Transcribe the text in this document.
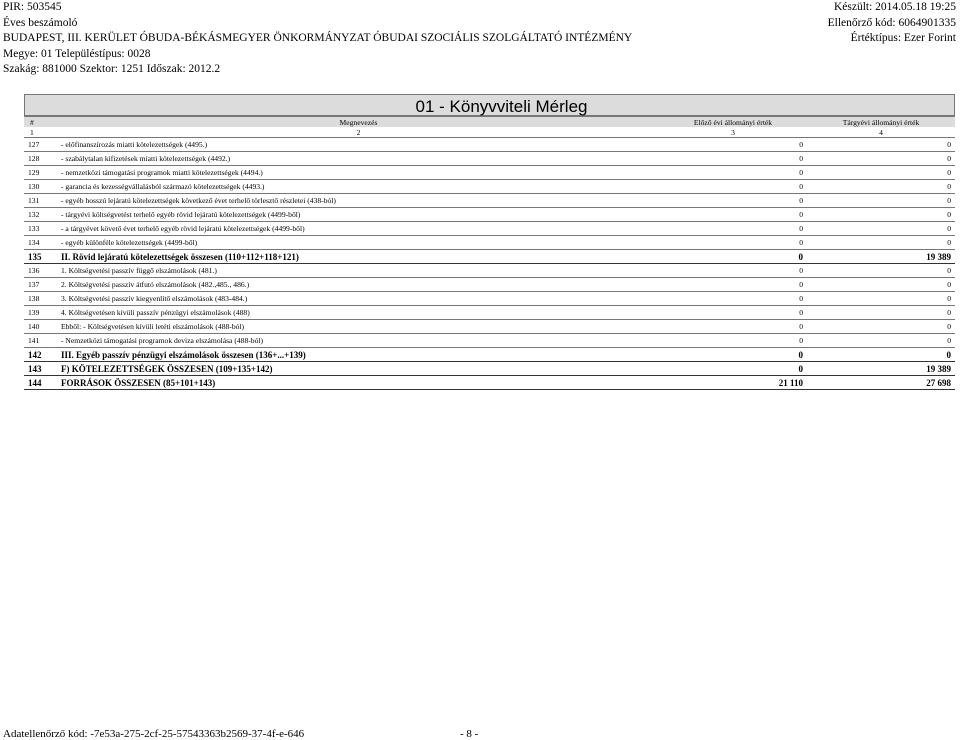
PIR: 503545
Éves beszámoló
BUDAPEST, III. KERÜLET ÓBUDA-BÉKÁSMEGYER ÖNKORMÁNYZAT ÓBUDAI SZOCIÁLIS SZOLGÁLTATÓ INTÉZMÉNY
Megye: 01 Településtípus: 0028
Szakág: 881000 Szektor: 1251 Időszak: 2012.2
Készült: 2014.05.18 19:25
Ellenőrző kód: 6064901335
Értéktípus: Ezer Forint
01 - Könyvviteli Mérleg
#	Megnevezés	Előző évi állományi érték	Tárgyévi állományi érték
1	2	3	4
127	- előfinanszírozás miatti kötelezettségek (4495.)	0	0
128	- szabálytalan kifizetések miatti kötelezettségek (4492.)	0	0
129	- nemzetközi támogatási programok miatti kötelezettségek (4494.)	0	0
130	- garancia és kezességvállalásból származó kötelezettségek (4493.)	0	0
131	- egyéb hosszú lejáratú kötelezettségek következő évet terhelő törlesztő részletei (438-ból)	0	0
132	- tárgyévi költségvetést terhelő egyéb rövid lejáratú kötelezettségek (4499-ből)	0	0
133	- a tárgyévet követő évet terhelő egyéb rövid lejáratú kötelezettségek (4499-ből)	0	0
134	- egyéb különféle kötelezettségek (4499-ből)	0	0
135	II. Rövid lejáratú kötelezettségek összesen (110+112+118+121)	0	19 389
136	1. Költségvetési passzív függő elszámolások (481.)	0	0
137	2. Költségvetési passzív átfutó elszámolások (482.,485., 486.)	0	0
138	3. Költségvetési passzív kiegyenlítő elszámolások (483-484.)	0	0
139	4. Költségvetésen kívüli passzív pénzügyi elszámolások (488)	0	0
140	Ebből: - Költségvetésen kívüli letéti elszámolások (488-ból)	0	0
141	- Nemzetközi támogatási programok deviza elszámolása (488-ból)	0	0
142	III. Egyéb passzív pénzügyi elszámolások összesen (136+...+139)	0	0
143	F) KÖTELEZETTSÉGEK ÖSSZESEN (109+135+142)	0	19 389
144	FORRÁSOK ÖSSZESEN (85+101+143)	21 110	27 698
Adatellenőrző kód: -7e53a-275-2cf-25-57543363b2569-37-4f-e-646	- 8 -
